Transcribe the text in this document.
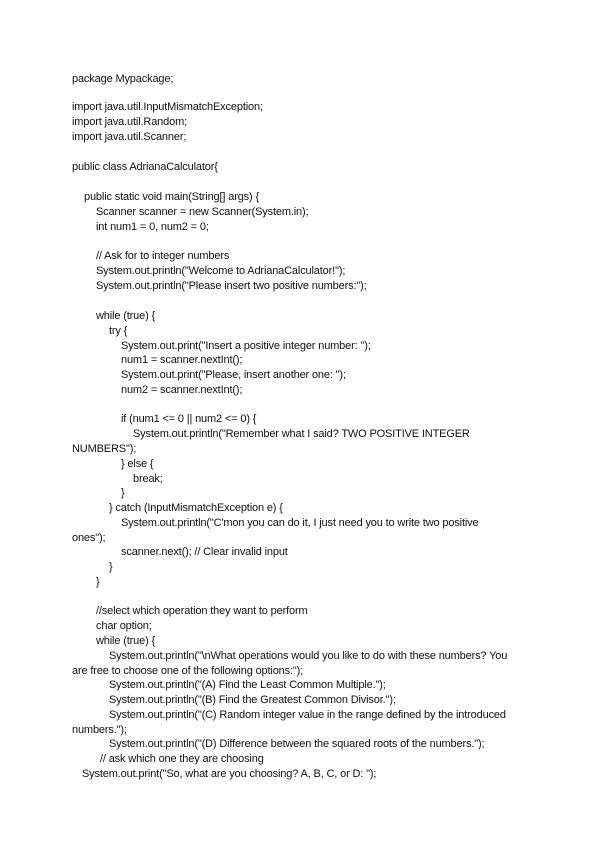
package Mypackage;
import java.util.InputMismatchException;
import java.util.Random;
import java.util.Scanner;
public class AdrianaCalculator{
public static void main(String[] args) {
Scanner scanner = new Scanner(System.in);
int num1 = 0, num2 = 0;
// Ask for to integer numbers
System.out.println("Welcome to AdrianaCalculator!");
System.out.println("Please insert two positive numbers:");
while (true) {
try {
System.out.print("Insert a positive integer number: ");
num1 = scanner.nextInt();
System.out.print("Please, insert another one: ");
num2 = scanner.nextInt();
if (num1 <= 0 || num2 <= 0) {
System.out.println("Remember what I said? TWO POSITIVE INTEGER
NUMBERS");
} else {
break;
}
} catch (InputMismatchException e) {
System.out.println("C'mon you can do it, I just need you to write two positive
ones");
scanner.next(); // Clear invalid input
}
}
//select which operation they want to perform
char option;
while (true) {
System.out.println("\nWhat operations would you like to do with these numbers? You
are free to choose one of the following options:");
System.out.println("(A) Find the Least Common Multiple.");
System.out.println("(B) Find the Greatest Common Divisor.");
System.out.println("(C) Random integer value in the range defined by the introduced
numbers.");
System.out.println("(D) Difference between the squared roots of the numbers.");
// ask which one they are choosing
System.out.print("So, what are you choosing? A, B, C, or D: ");
